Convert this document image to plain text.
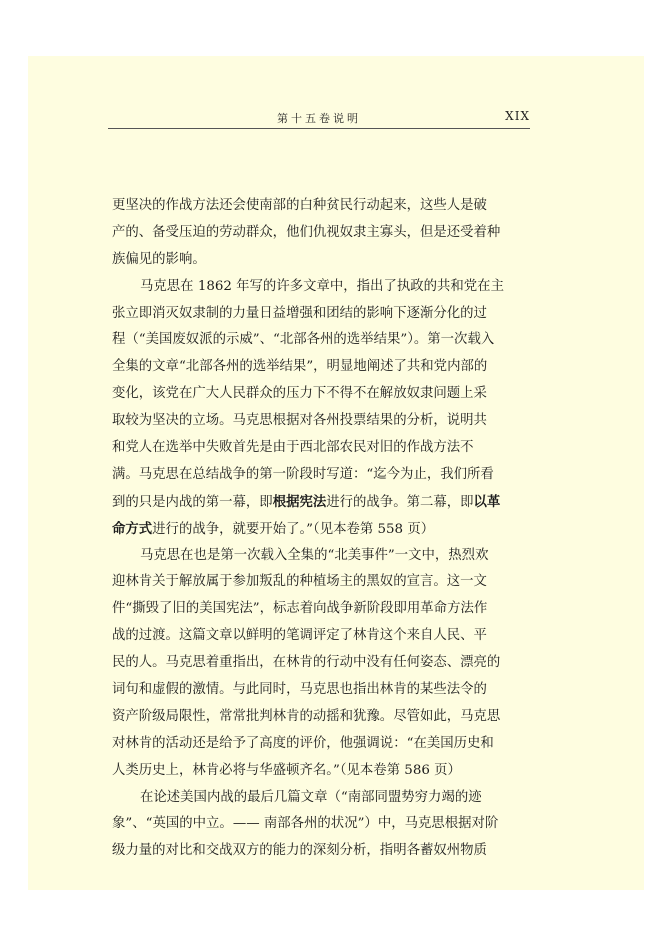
第十五卷说明	XIX
更坚决的作战方法还会使南部的白种贫民行动起来，这些人是破
产的、备受压迫的劳动群众，他们仇视奴隶主寡头，但是还受着种
族偏见的影响。
马克思在 1862 年写的许多文章中，指出了执政的共和党在主
张立即消灭奴隶制的力量日益增强和团结的影响下逐渐分化的过
程（“美国废奴派的示威”、“北部各州的选举结果”）。第一次载入
全集的文章“北部各州的选举结果”，明显地阐述了共和党内部的
变化，该党在广大人民群众的压力下不得不在解放奴隶问题上采
取较为坚决的立场。马克思根据对各州投票结果的分析，说明共
和党人在选举中失败首先是由于西北部农民对旧的作战方法不
满。马克思在总结战争的第一阶段时写道：“迄今为止，我们所看
到的只是内战的第一幕，即根据宪法进行的战争。第二幕，即以革
命方式进行的战争，就要开始了。”（见本卷第 558 页）
马克思在也是第一次载入全集的“北美事件”一文中，热烈欢
迎林肯关于解放属于参加叛乱的种植场主的黑奴的宣言。这一文
件“撕毁了旧的美国宪法”，标志着向战争新阶段即用革命方法作
战的过渡。这篇文章以鲜明的笔调评定了林肯这个来自人民、平
民的人。马克思着重指出，在林肯的行动中没有任何姿态、漂亮的
词句和虚假的激情。与此同时，马克思也指出林肯的某些法令的
资产阶级局限性，常常批判林肯的动摇和犹豫。尽管如此，马克思
对林肯的活动还是给予了高度的评价，他强调说：“在美国历史和
人类历史上，林肯必将与华盛顿齐名。”（见本卷第 586 页）
在论述美国内战的最后几篇文章（“南部同盟势穷力竭的迹
象”、“英国的中立。—— 南部各州的状况”）中，马克思根据对阶
级力量的对比和交战双方的能力的深刻分析，指明各蓄奴州物质
